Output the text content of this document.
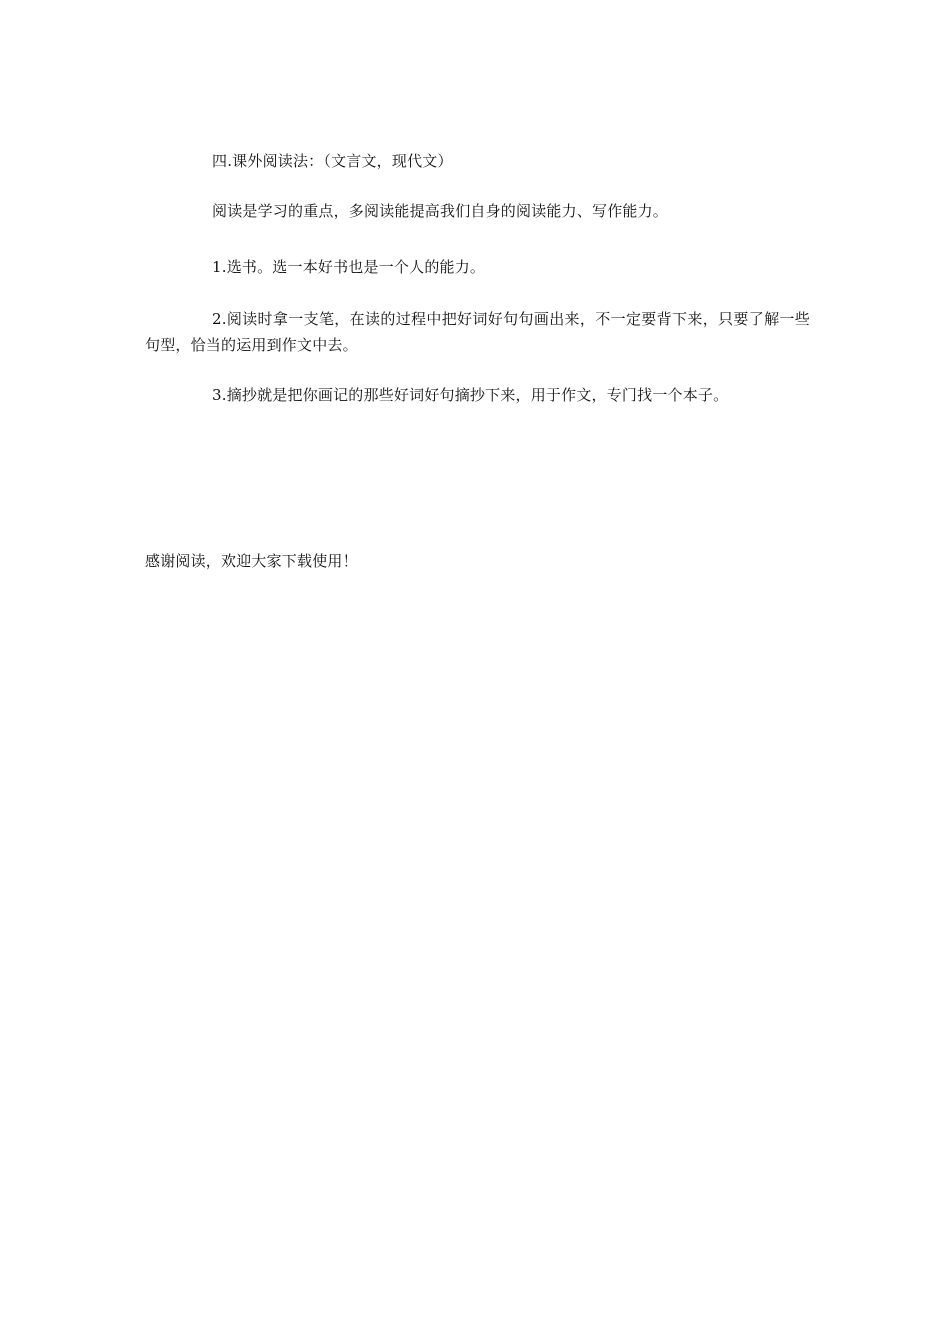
四.课外阅读法：（文言文，现代文）

阅读是学习的重点，多阅读能提高我们自身的阅读能力、写作能力。

1.选书。选一本好书也是一个人的能力。

2.阅读时拿一支笔，在读的过程中把好词好句句画出来，不一定要背下来，只要了解一些句型，恰当的运用到作文中去。

3.摘抄就是把你画记的那些好词好句摘抄下来，用于作文，专门找一个本子。

感谢阅读，欢迎大家下载使用！
